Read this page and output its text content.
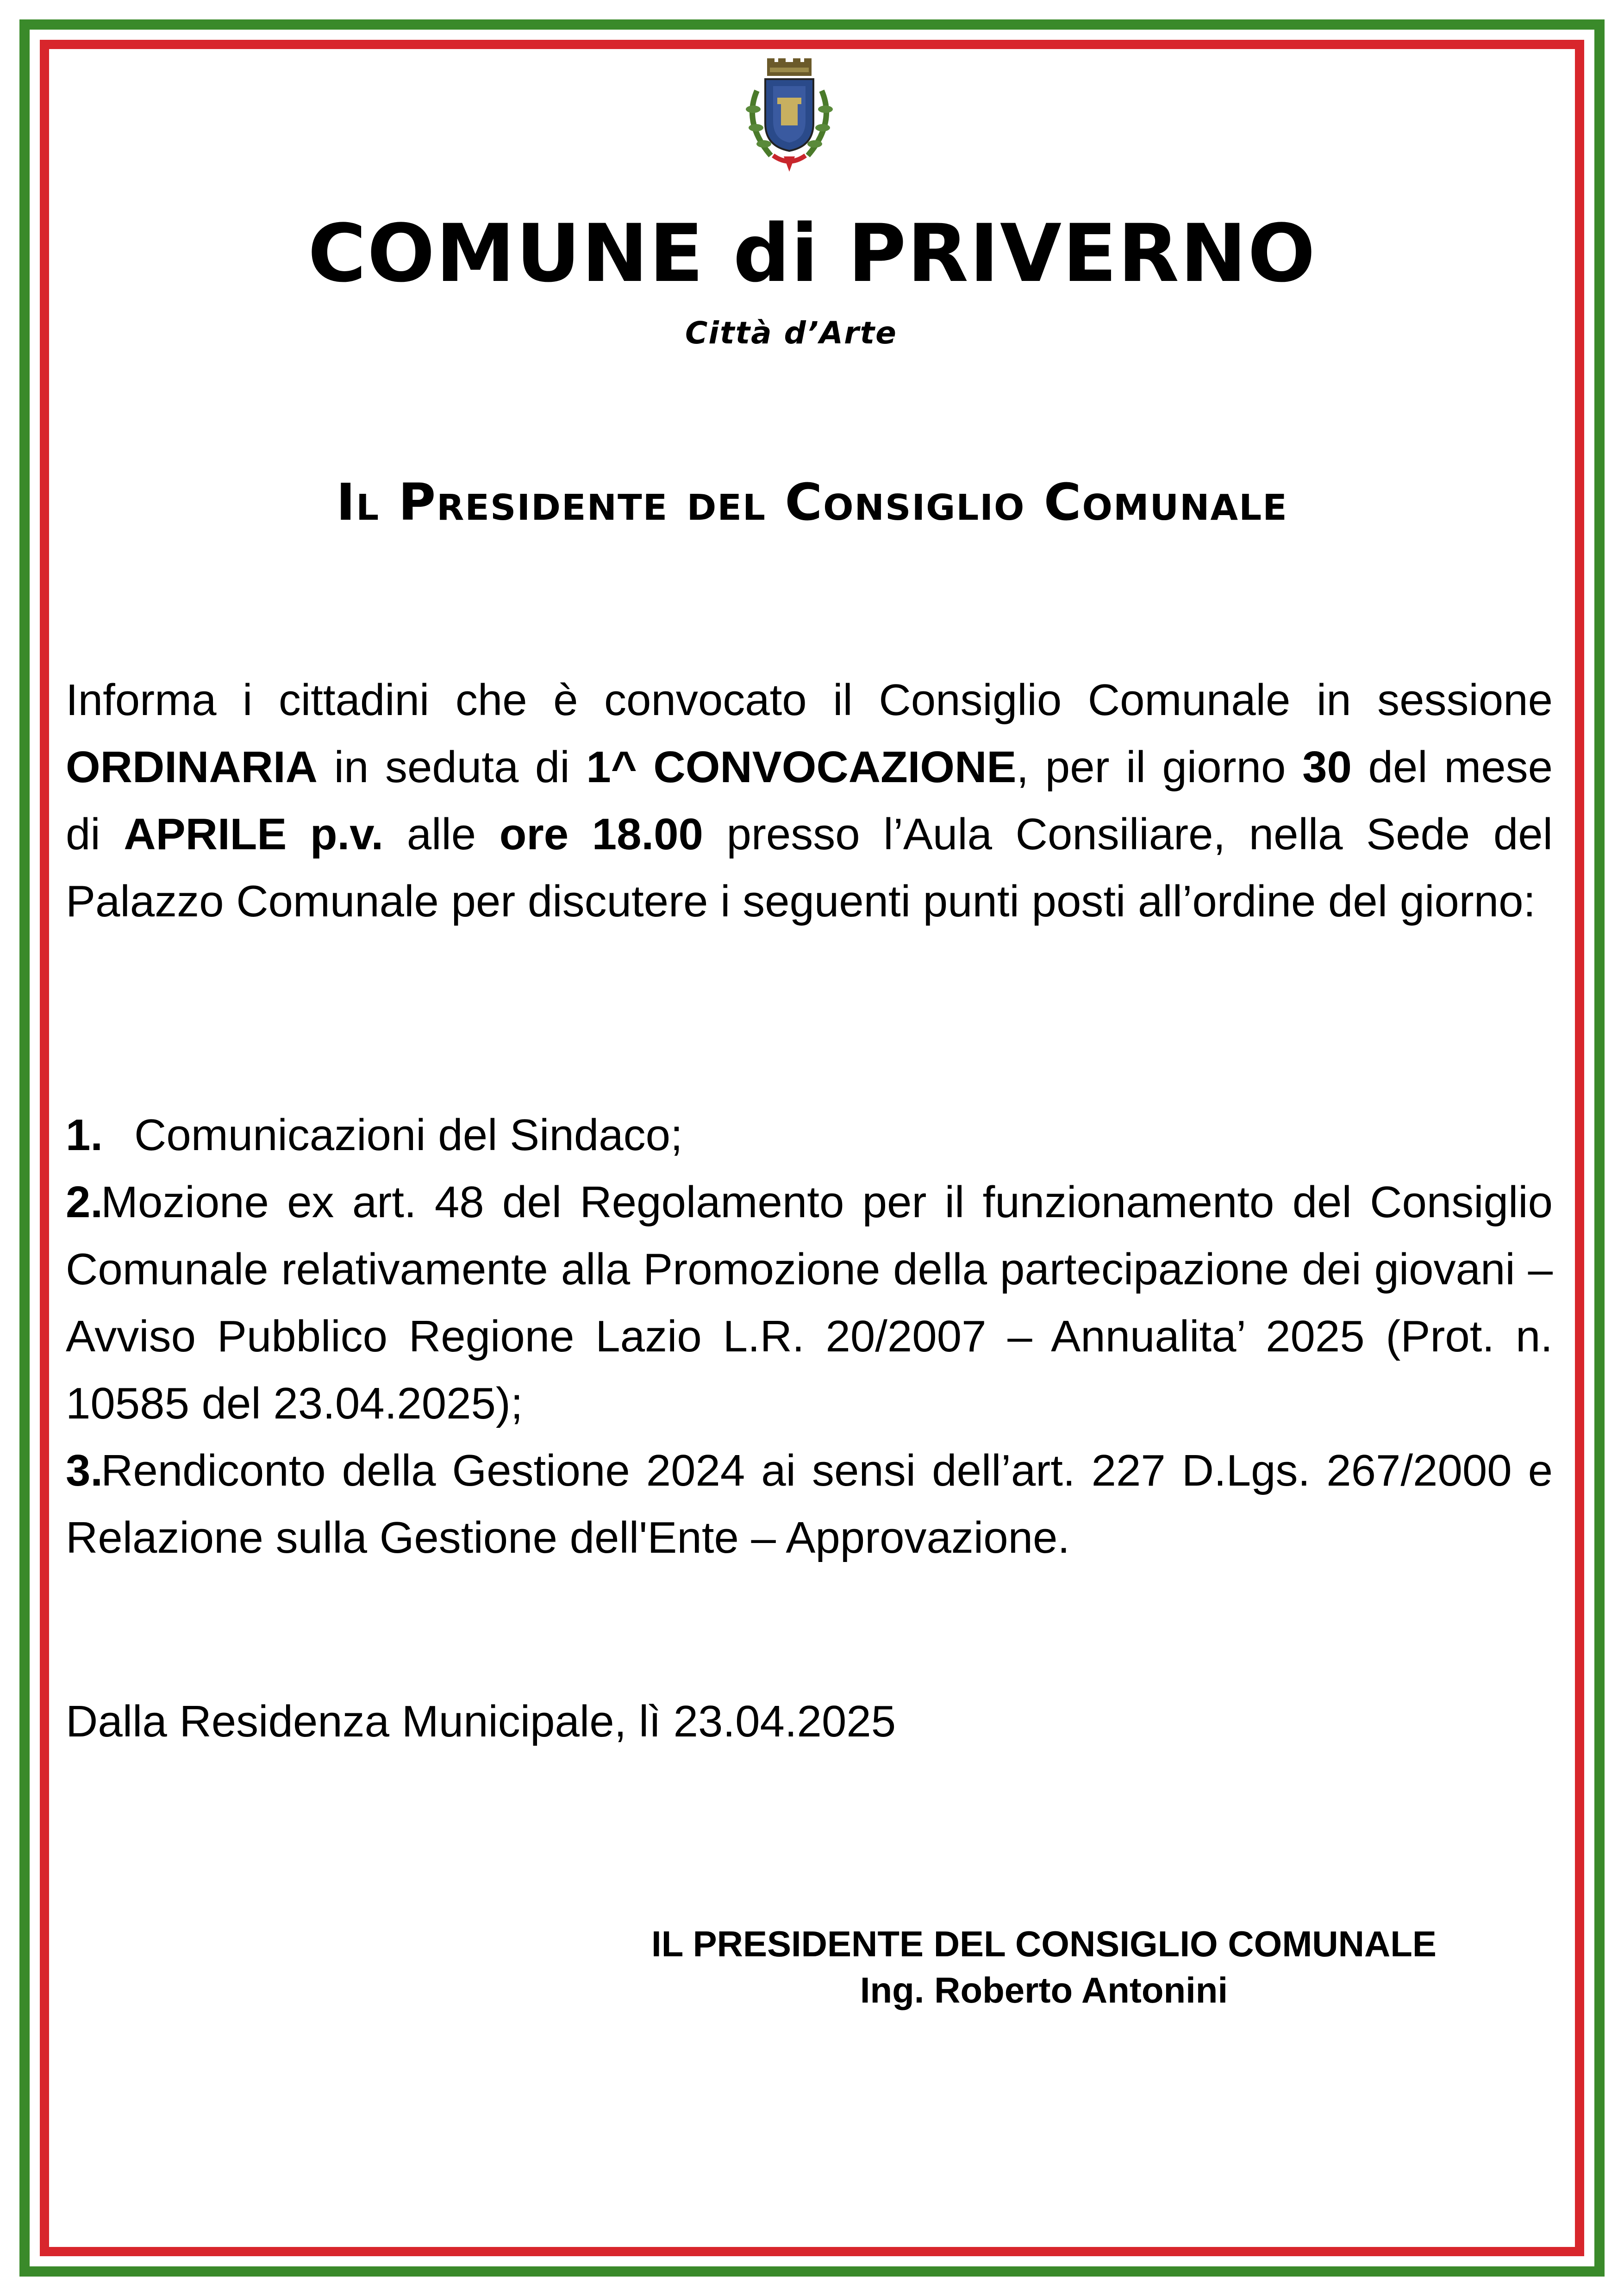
COMUNE di PRIVERNO
Città d’Arte
Il Presidente del Consiglio Comunale
Informa i cittadini che è convocato il Consiglio Comunale in sessione ORDINARIA in seduta di 1^ CONVOCAZIONE, per il giorno 30 del mese di APRILE p.v. alle ore 18.00 presso l’Aula Consiliare, nella Sede del Palazzo Comunale per discutere i seguenti punti posti all’ordine del giorno:
1. Comunicazioni del Sindaco;
2.
Mozione ex art. 48 del Regolamento per il funzionamento del Consiglio Comunale relativamente alla Promozione della partecipazione dei giovani – Avviso Pubblico Regione Lazio L.R. 20/2007 – Annualita’ 2025 (Prot. n. 10585 del 23.04.2025);
3.
Rendiconto della Gestione 2024 ai sensi dell’art. 227 D.Lgs. 267/2000 e Relazione sulla Gestione dell'Ente – Approvazione.
Dalla Residenza Municipale, lì 23.04.2025
IL PRESIDENTE DEL CONSIGLIO COMUNALE
Ing. Roberto Antonini
